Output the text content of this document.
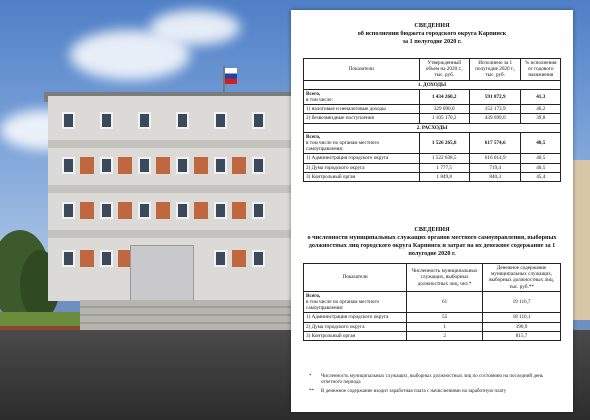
СВЕДЕНИЯ
об исполнении бюджета городского округа Карпинск
за 1 полугодие 2020 г.
Показатели	Утвержденный объем на 2020 г., тыс. руб.	Исполнено за 1 полугодие 2020 г., тыс. руб.	% исполнения от годового назначения
1. ДОХОДЫ			
Всего,
в том числе:	1 434 260,2	591 872,9	41,3
1) налоговые и неналоговые доходы	329 090,0	152 173,9	46,2
2) безвозмездные поступления	1 105 170,2	439 699,0	39,8
2. РАСХОДЫ			
Всего,
в том числе по органам местного самоуправления:	1 526 265,8	617 574,6	40,5
1) Администрация городского округа	1 522 638,5	616 014,9	40,5
2) Дума городского округа	1 777,5	719,4	40,5
3) Контрольный орган	1 849,8	840,3	45,4
СВЕДЕНИЯ
о численности муниципальных служащих органов местного самоуправления, выборных должностных лиц городского округа Карпинск и затрат на их денежное содержание за 1 полугодие 2020 г.
Показатели	Численность муниципальных служащих, выборных должностных лиц, чел.*	Денежное содержание муниципальных служащих, выборных должностных лиц, тыс. руб.**
Всего,
в том числе по органам местного самоуправления:	61	19 116,7
1) Администрация городского округа	55	18 110,1
2) Дума городского округа	1	190,9
3) Контрольный орган	2	815,7
*	Численность муниципальных служащих, выборных должностных лиц по состоянию на последний день отчетного периода
**	В денежное содержание входит заработная плата с начислениями на заработную плату
